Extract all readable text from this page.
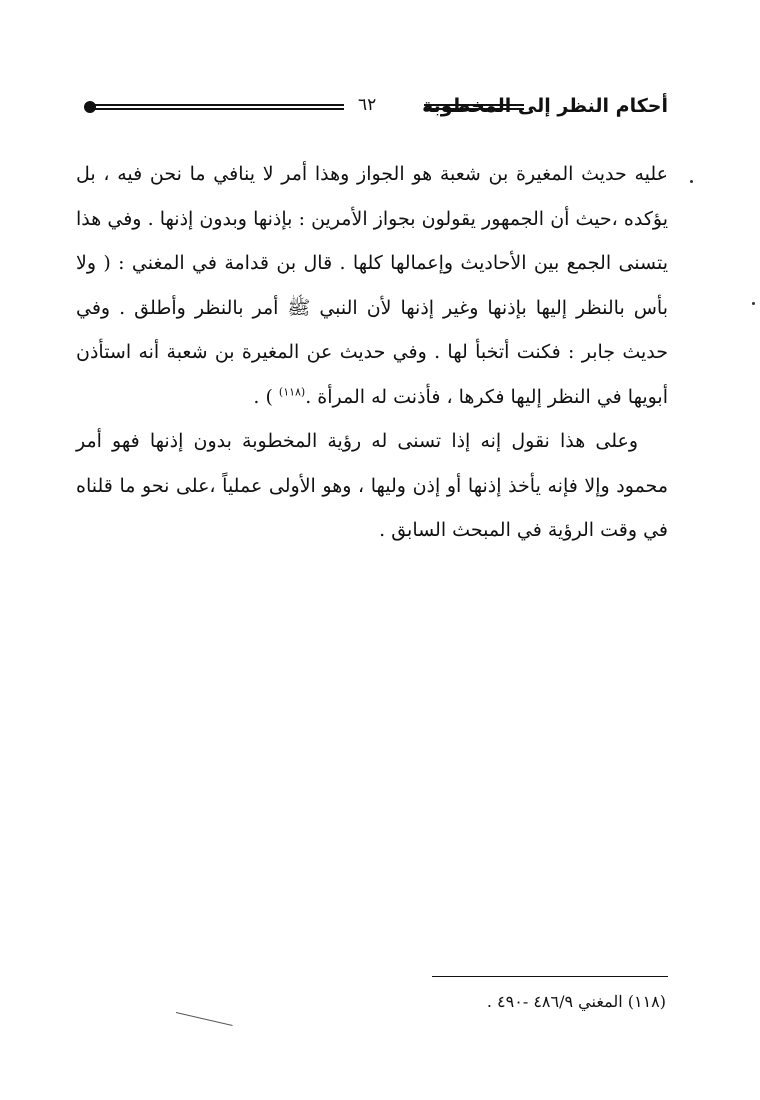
٦٢ أحكام النظر إلى المخطوبة

عليه حديث المغيرة بن شعبة هو الجواز وهذا أمر لا ينافي ما نحن فيه ، بل يؤكده ،حيث أن الجمهور يقولون بجواز الأمرين : بإذنها وبدون إذنها . وفي هذا يتسنى الجمع بين الأحاديث وإعمالها كلها . قال بن قدامة في المغني : ( ولا بأس بالنظر إليها بإذنها وغير إذنها لأن النبي ﷺ أمر بالنظر وأطلق . وفي حديث جابر : فكنت أتخبأ لها . وفي حديث عن المغيرة بن شعبة أنه استأذن أبويها في النظر إليها فكرها ، فأذنت له المرأة .$^{(١١٨)}$ ) .

وعلى هذا نقول إنه إذا تسنى له رؤية المخطوبة بدون إذنها فهو أمر محمود وإلا فإنه يأخذ إذنها أو إذن وليها ، وهو الأولى عملياً ،على نحو ما قلناه في وقت الرؤية في المبحث السابق .

(١١٨) المغني ٤٨٦/٩ -٤٩٠ .
